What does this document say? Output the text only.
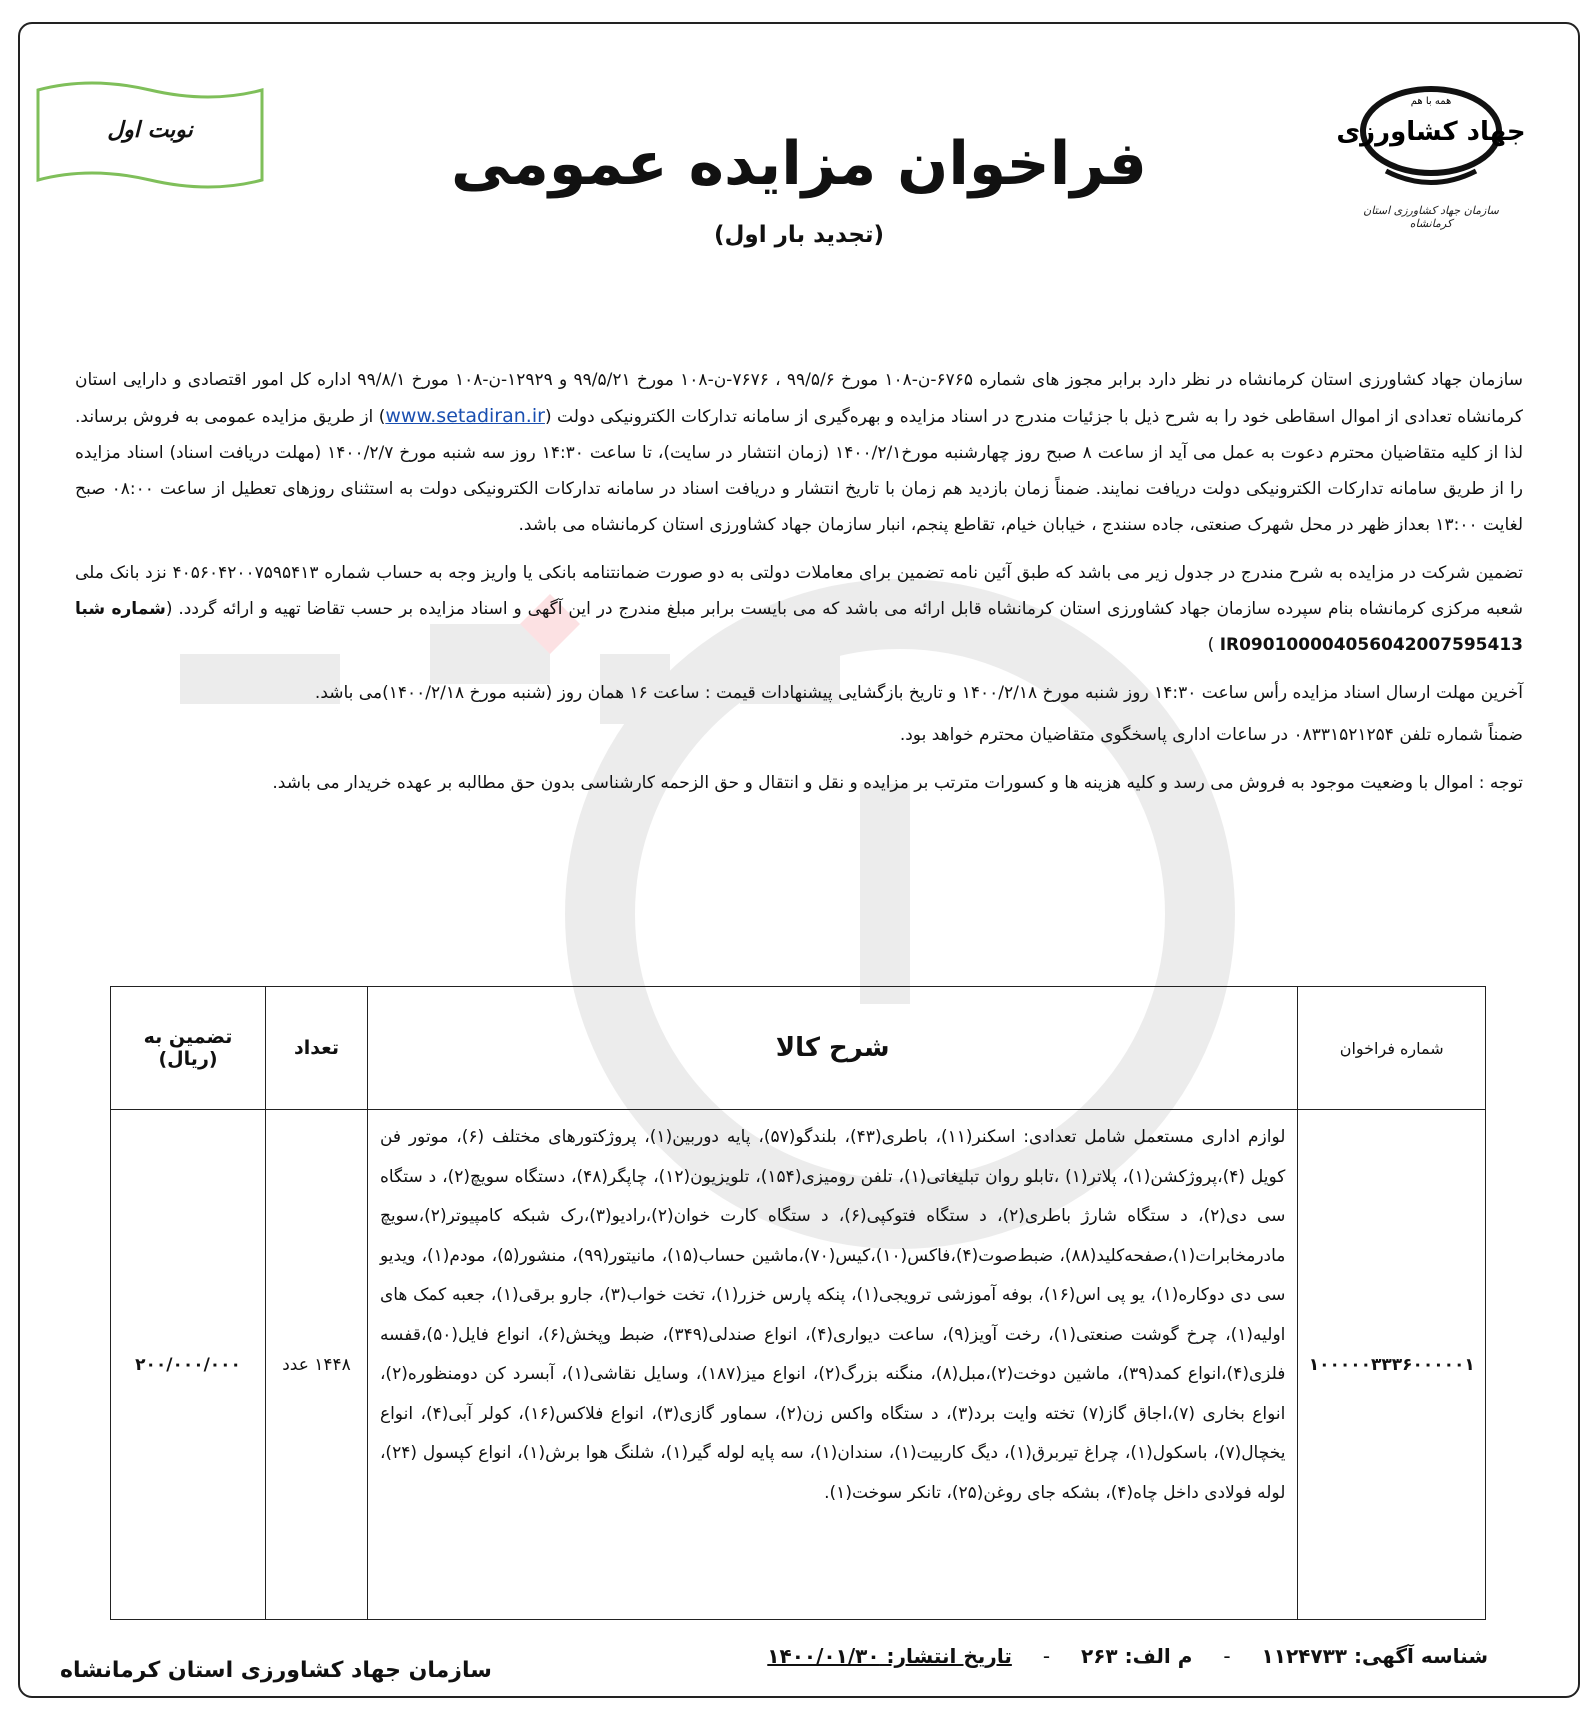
همه با هم
جهاد کشاورزی
سازمان جهاد کشاورزی استان کرمانشاه
نوبت اول	فراخوان مزایده عمومی
(تجدید بار اول)

سازمان جهاد کشاورزی استان کرمانشاه در نظر دارد برابر مجوز های شماره ۶۷۶۵-ن-۱۰۸ مورخ ۹۹/۵/۶ ، ۷۶۷۶-ن-۱۰۸ مورخ ۹۹/۵/۲۱ و ۱۲۹۲۹-ن-۱۰۸ مورخ ۹۹/۸/۱ اداره کل امور اقتصادی و دارایی استان کرمانشاه تعدادی از اموال اسقاطی خود را به شرح ذیل با جزئیات مندرج در اسناد مزایده و بهره‌گیری از سامانه تدارکات الکترونیکی دولت (www.setadiran.ir) از طریق مزایده عمومی به فروش برساند. لذا از کلیه متقاضیان محترم دعوت به عمل می آید از ساعت ۸ صبح روز چهارشنبه مورخ۱۴۰۰/۲/۱ (زمان انتشار در سایت)، تا ساعت ۱۴:۳۰ روز سه شنبه مورخ ۱۴۰۰/۲/۷ (مهلت دریافت اسناد) اسناد مزایده را از طریق سامانه تدارکات الکترونیکی دولت دریافت نمایند. ضمناً زمان بازدید هم زمان با تاریخ انتشار و دریافت اسناد در سامانه تدارکات الکترونیکی دولت به استثنای روزهای تعطیل از ساعت ۰۸:۰۰ صبح لغایت ۱۳:۰۰ بعداز ظهر در محل شهرک صنعتی، جاده سنندج ، خیابان خیام، تقاطع پنجم، انبار سازمان جهاد کشاورزی استان کرمانشاه می باشد.

تضمین شرکت در مزایده به شرح مندرج در جدول زیر می باشد که طبق آئین نامه تضمین برای معاملات دولتی به دو صورت ضمانتنامه بانکی یا واریز وجه به حساب شماره ۴۰۵۶۰۴۲۰۰۷۵۹۵۴۱۳ نزد بانک ملی شعبه مرکزی کرمانشاه بنام سپرده سازمان جهاد کشاورزی استان کرمانشاه قابل ارائه می باشد که می بایست برابر مبلغ مندرج در این آگهی و اسناد مزایده بر حسب تقاضا تهیه و ارائه گردد. (شماره شبا IR090100004056042007595413 )

آخرین مهلت ارسال اسناد مزایده رأس ساعت ۱۴:۳۰ روز شنبه مورخ ۱۴۰۰/۲/۱۸ و تاریخ بازگشایی پیشنهادات قیمت : ساعت ۱۶ همان روز (شنبه مورخ ۱۴۰۰/۲/۱۸)می باشد.

ضمناً شماره تلفن ۰۸۳۳۱۵۲۱۲۵۴ در ساعات اداری پاسخگوی متقاضیان محترم خواهد بود.

توجه : اموال با وضعیت موجود به فروش می رسد و کلیه هزینه ها و کسورات مترتب بر مزایده و نقل و انتقال و حق الزحمه کارشناسی بدون حق مطالبه بر عهده خریدار می باشد.

شماره فراخوان	شرح کالا	تعداد	تضمین به (ریال)
۱۰۰۰۰۰۳۳۳۶۰۰۰۰۰۱	لوازم اداری مستعمل شامل تعدادی: اسکنر(۱۱)، باطری(۴۳)، بلندگو(۵۷)، پایه دوربین(۱)، پروژکتورهای مختلف (۶)، موتور فن کویل (۴)،پروژکشن(۱)، پلاتر(۱) ،تابلو روان تبلیغاتی(۱)، تلفن رومیزی(۱۵۴)، تلویزیون(۱۲)، چاپگر(۴۸)، دستگاه سویچ(۲)، د ستگاه سی دی(۲)، د ستگاه شارژ باطری(۲)، د ستگاه فتوکپی(۶)، د ستگاه کارت خوان(۲)،رادیو(۳)،رک شبکه کامپیوتر(۲)،سویچ مادرمخابرات(۱)،صفحه‌کلید(۸۸)، ضبط‌صوت(۴)،فاکس(۱۰)،کیس(۷۰)،ماشین حساب(۱۵)، مانیتور(۹۹)، منشور(۵)، مودم(۱)، ویدیو سی دی دوکاره(۱)، یو پی اس(۱۶)، بوفه آموزشی ترویجی(۱)، پنکه پارس خزر(۱)، تخت خواب(۳)، جارو برقی(۱)، جعبه کمک های اولیه(۱)، چرخ گوشت صنعتی(۱)، رخت آویز(۹)، ساعت دیواری(۴)، انواع صندلی(۳۴۹)، ضبط وپخش(۶)، انواع فایل(۵۰)،قفسه فلزی(۴)،انواع کمد(۳۹)، ماشین دوخت(۲)،مبل(۸)، منگنه بزرگ(۲)، انواع میز(۱۸۷)، وسایل نقاشی(۱)، آبسرد کن دومنظوره(۲)، انواع بخاری (۷)،اجاق گاز(۷) تخته وایت برد(۳)، د ستگاه واکس زن(۲)، سماور گازی(۳)، انواع فلاکس(۱۶)، کولر آبی(۴)، انواع یخچال(۷)، باسکول(۱)، چراغ تیربرق(۱)، دیگ کاربیت(۱)، سندان(۱)، سه پایه لوله گیر(۱)، شلنگ هوا برش(۱)، انواع کپسول (۲۴)، لوله فولادی داخل چاه(۴)، بشکه جای روغن(۲۵)، تانکر سوخت(۱).	۱۴۴۸ عدد	۲۰۰/۰۰۰/۰۰۰
شناسه آگهی: ۱۱۲۴۷۳۳ - م الف: ۲۶۳ - تاریخ انتشار: ۱۴۰۰/۰۱/۳۰
سازمان جهاد کشاورزی استان کرمانشاه
